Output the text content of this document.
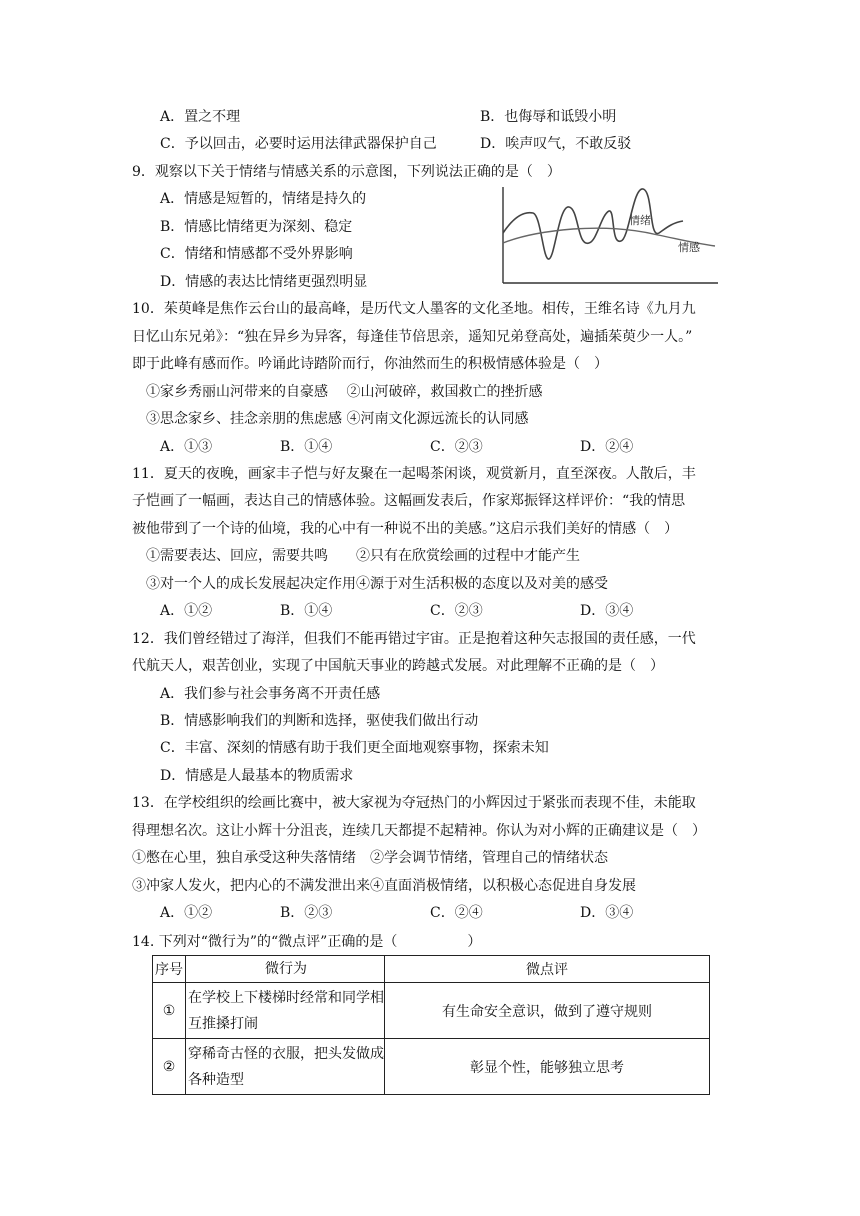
A．置之不理	B．也侮辱和诋毁小明
C．予以回击，必要时运用法律武器保护自己	D．唉声叹气，不敢反驳
9．观察以下关于情绪与情感关系的示意图，下列说法正确的是（　）
A．情感是短暂的，情绪是持久的
B．情感比情绪更为深刻、稳定
C．情绪和情感都不受外界影响
D．情感的表达比情绪更强烈明显
情绪
情感
10．茱萸峰是焦作云台山的最高峰，是历代文人墨客的文化圣地。相传，王维名诗《九月九
日忆山东兄弟》：“独在异乡为异客，每逢佳节倍思亲，遥知兄弟登高处，遍插茱萸少一人。”
即于此峰有感而作。吟诵此诗踏阶而行，你油然而生的积极情感体验是（　）
①家乡秀丽山河带来的自豪感　 ②山河破碎，救国救亡的挫折感
③思念家乡、挂念亲朋的焦虑感 ④河南文化源远流长的认同感
A．①③	B．①④	C．②③	D．②④
11．夏天的夜晚，画家丰子恺与好友聚在一起喝茶闲谈，观赏新月，直至深夜。人散后，丰
子恺画了一幅画，表达自己的情感体验。这幅画发表后，作家郑振铎这样评价：“我的情思
被他带到了一个诗的仙境，我的心中有一种说不出的美感。”这启示我们美好的情感（　）
①需要表达、回应，需要共鸣　　②只有在欣赏绘画的过程中才能产生
③对一个人的成长发展起决定作用④源于对生活积极的态度以及对美的感受
A．①②	B．①④	C．②③	D．③④
12．我们曾经错过了海洋，但我们不能再错过宇宙。正是抱着这种矢志报国的责任感，一代
代航天人，艰苦创业，实现了中国航天事业的跨越式发展。对此理解不正确的是（　）
A．我们参与社会事务离不开责任感
B．情感影响我们的判断和选择，驱使我们做出行动
C．丰富、深刻的情感有助于我们更全面地观察事物，探索未知
D．情感是人最基本的物质需求
13．在学校组织的绘画比赛中，被大家视为夺冠热门的小辉因过于紧张而表现不佳，未能取
得理想名次。这让小辉十分沮丧，连续几天都提不起精神。你认为对小辉的正确建议是（　）
①憋在心里，独自承受这种失落情绪　②学会调节情绪，管理自己的情绪状态
③冲家人发火，把内心的不满发泄出来④直面消极情绪，以积极心态促进自身发展
A．①②	B．②③	C．②④	D．③④
14. 下列对“微行为”的“微点评”正确的是（　　　　　）
序号	微行为	微点评
①	在学校上下楼梯时经常和同学相互推搡打闹	有生命安全意识，做到了遵守规则
②	穿稀奇古怪的衣服，把头发做成各种造型	彰显个性，能够独立思考
